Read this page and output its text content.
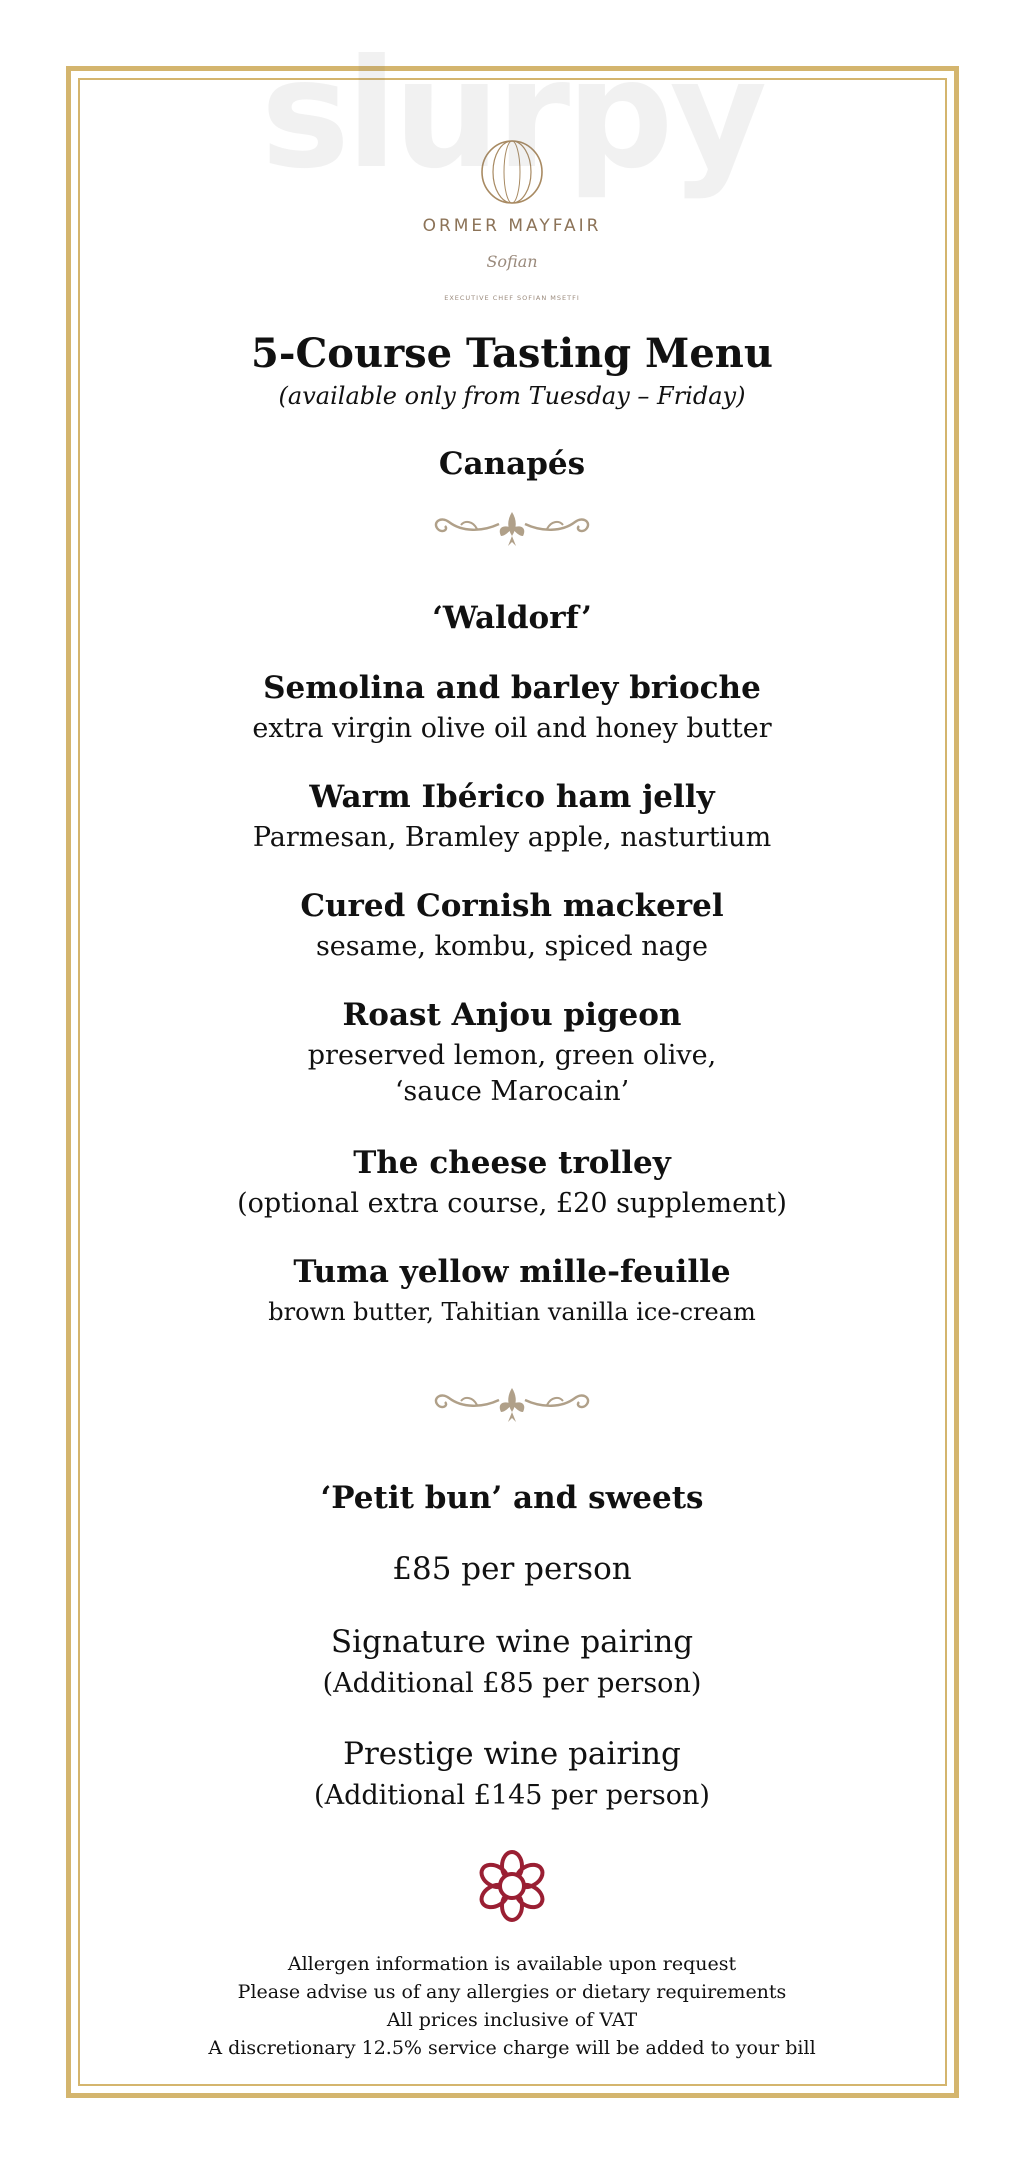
ORMER MAYFAIR
Sofian
EXECUTIVE CHEF SOFIAN MSETFI
5-Course Tasting Menu
(available only from Tuesday – Friday)
Canapés
‘Waldorf’
Semolina and barley brioche
extra virgin olive oil and honey butter
Warm Ibérico ham jelly
Parmesan, Bramley apple, nasturtium
Cured Cornish mackerel
sesame, kombu, spiced nage
Roast Anjou pigeon
preserved lemon, green olive,
‘sauce Marocain’
The cheese trolley
(optional extra course, £20 supplement)
Tuma yellow mille-feuille
brown butter, Tahitian vanilla ice-cream
‘Petit bun’ and sweets
£85 per person
Signature wine pairing
(Additional £85 per person)
Prestige wine pairing
(Additional £145 per person)
Allergen information is available upon request
Please advise us of any allergies or dietary requirements
All prices inclusive of VAT
A discretionary 12.5% service charge will be added to your bill
slurpy
